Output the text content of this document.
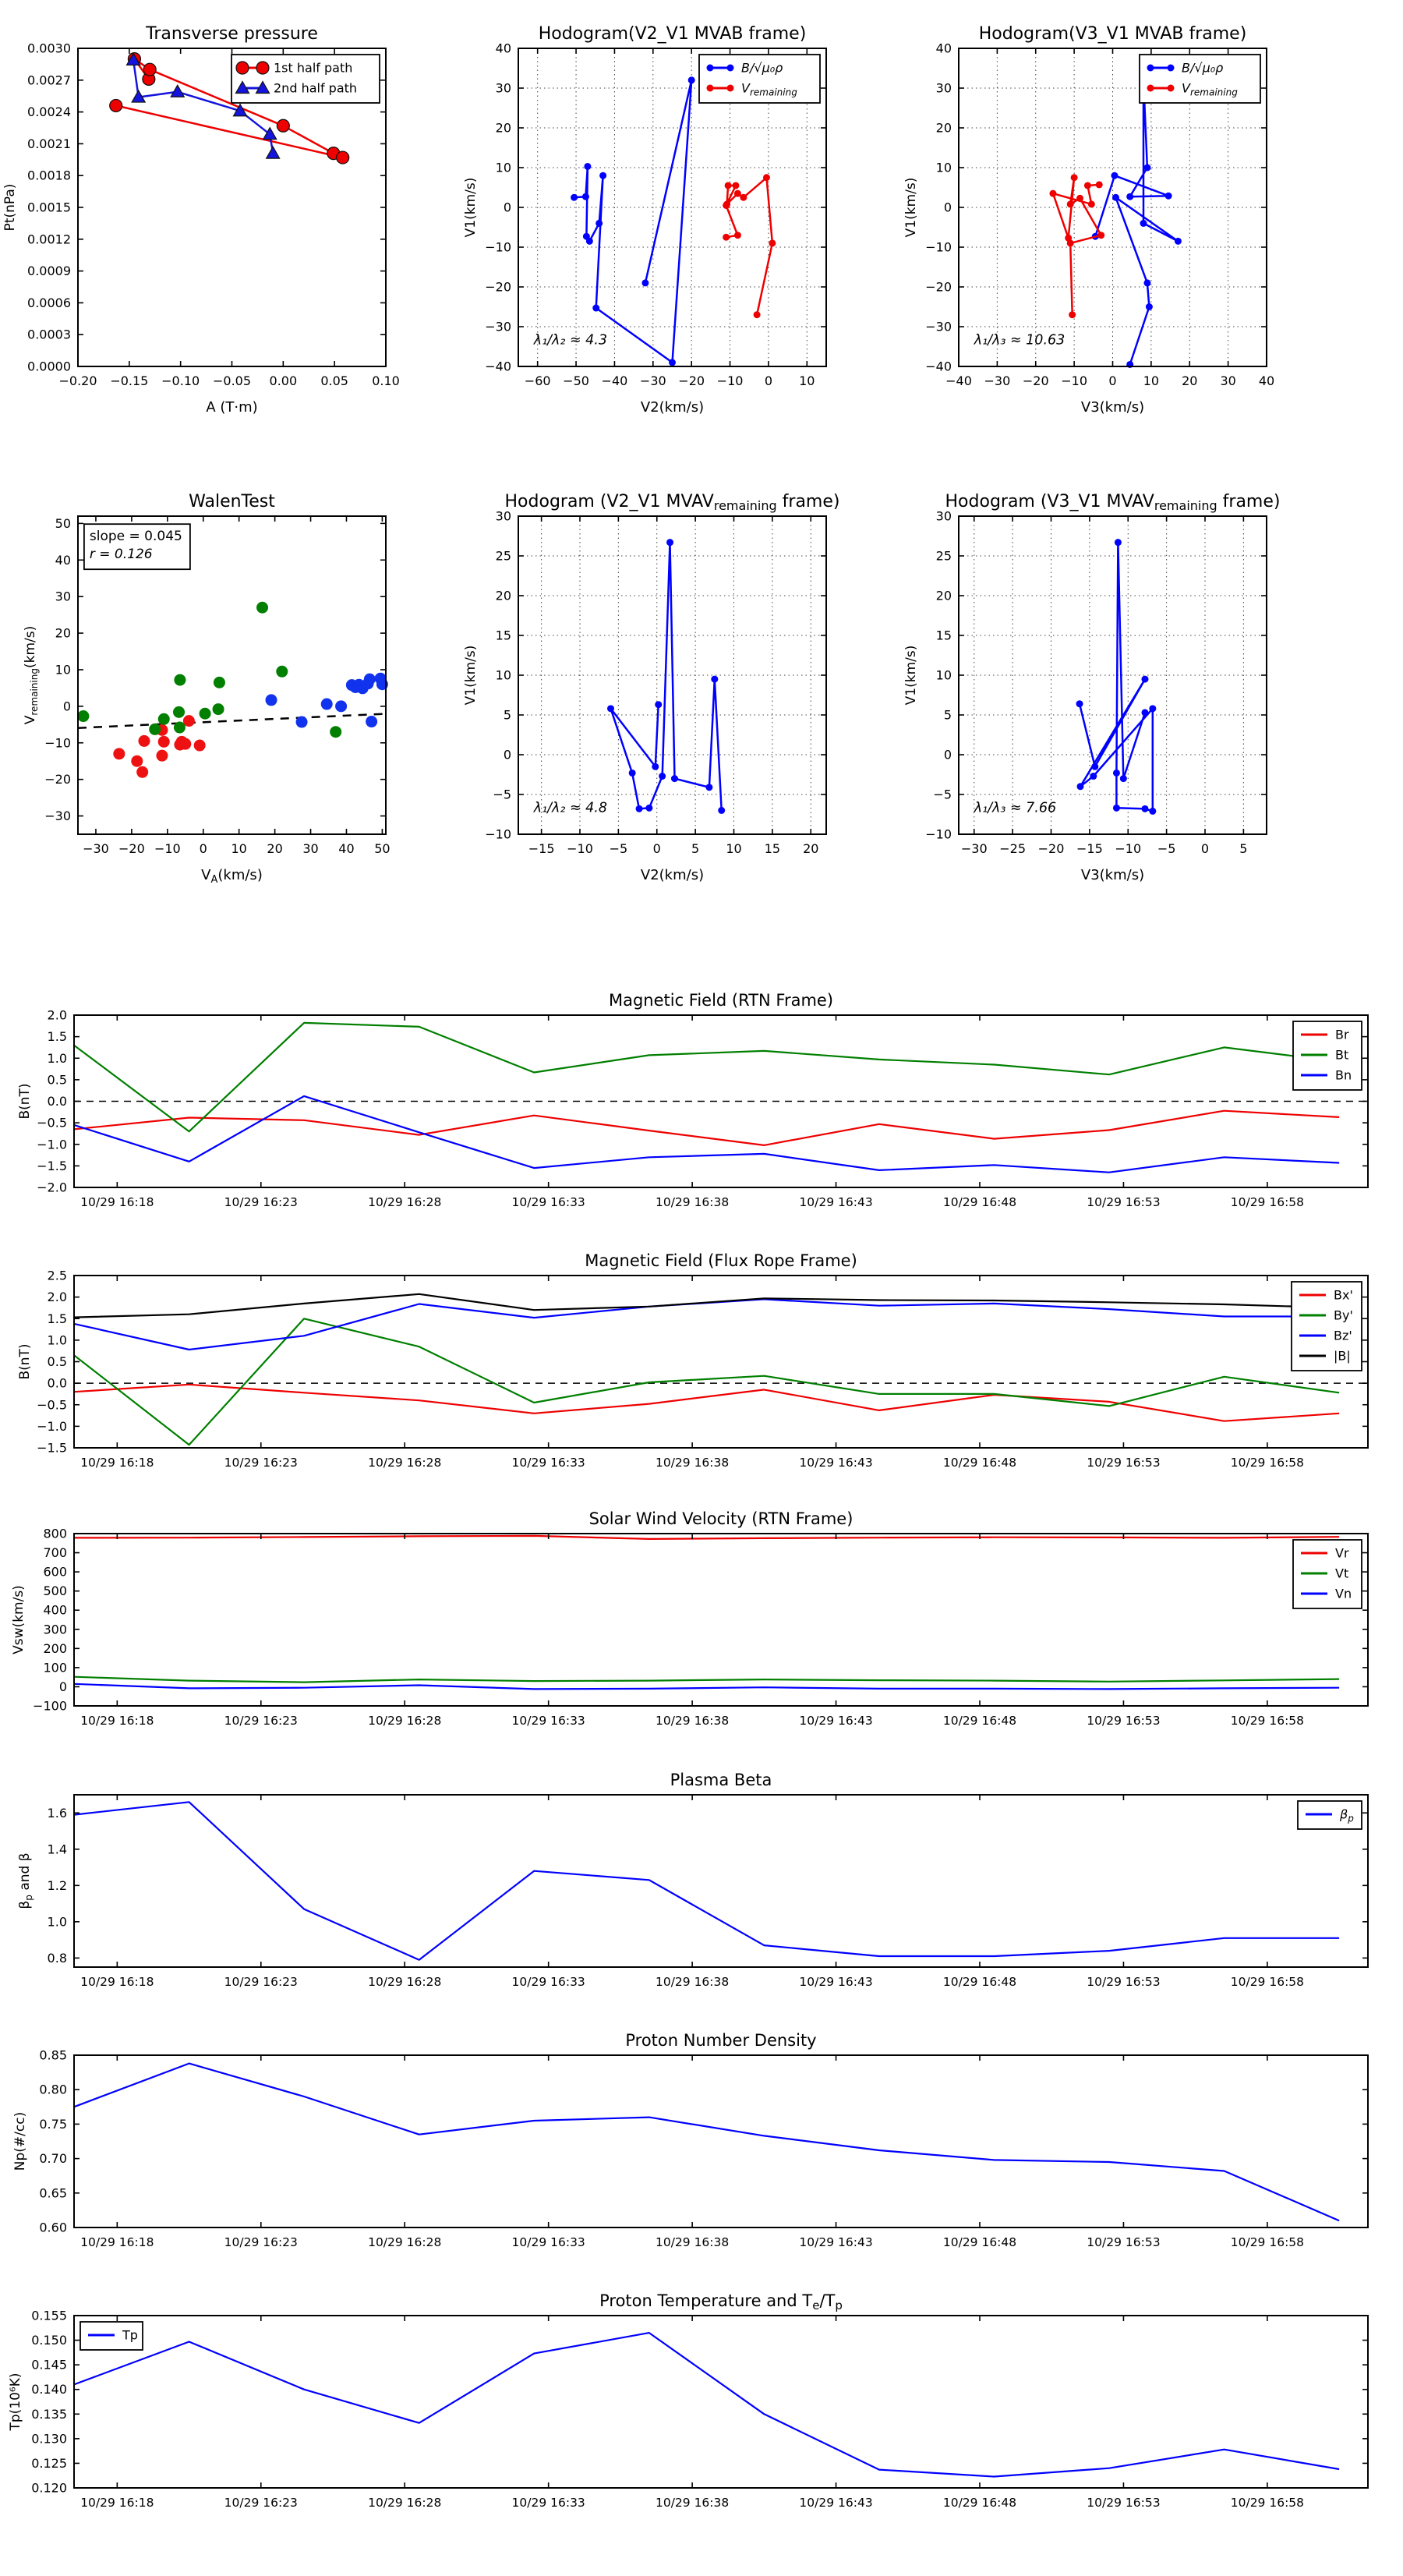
−0.20 −0.15 −0.10 −0.05 0.00 0.05 0.10
0.0000
0.0003
0.0006
0.0009
0.0012
0.0015
0.0018
0.0021
0.0024
0.0027
0.0030
Transverse pressure
A (T·m)
Pt(nPa)
1st half path
2nd half path
−60 −50 −40 −30 −20 −10 0 10
−40
−30
−20
−10
0
10
20
30
40
Hodogram(V2_V1 MVAB frame)
V2(km/s)
V1(km/s)
B/√μ₀ρ
$V_{remaining}$
λ₁/λ₂ ≈ 4.3
−40 −30 −20 −10 0 10 20 30 40
−40
−30
−20
−10
0
10
20
30
40
Hodogram(V3_V1 MVAB frame)
V3(km/s)
V1(km/s)
B/√μ₀ρ
$V_{remaining}$
λ₁/λ₃ ≈ 10.63
−30 −20 −10 0 10 20 30 40 50
−30
−20
−10
0
10
20
30
40
50
WalenTest
$V_A(km/s)$
$V_{remaining}(km/s)$
slope = 0.045
r = 0.126
−15 −10 −5 0 5 10 15 20
−10
−5
0
5
10
15
20
25
30
Hodogram (V2_V1 MVAVremaining frame)
V2(km/s)
V1(km/s)
λ₁/λ₂ ≈ 4.8
−30 −25 −20 −15 −10 −5 0 5
−10
−5
0
5
10
15
20
25
30
Hodogram (V3_V1 MVAVremaining frame)
V3(km/s)
V1(km/s)
λ₁/λ₃ ≈ 7.66
10/29 16:18	10/29 16:23	10/29 16:28	10/29 16:33	10/29 16:38	10/29 16:43	10/29 16:48	10/29 16:53	10/29 16:58
−2.0
−1.5
−1.0
−0.5
0.0
0.5
1.0
1.5
2.0
Magnetic Field (RTN Frame)
B(nT)
Br
Bt
Bn
10/29 16:18	10/29 16:23	10/29 16:28	10/29 16:33	10/29 16:38	10/29 16:43	10/29 16:48	10/29 16:53	10/29 16:58
−1.5
−1.0
−0.5
0.0
0.5
1.0
1.5
2.0
2.5
Magnetic Field (Flux Rope Frame)
B(nT)
Bx'
By'
Bz'
|B|
10/29 16:18	10/29 16:23	10/29 16:28	10/29 16:33	10/29 16:38	10/29 16:43	10/29 16:48	10/29 16:53	10/29 16:58
−100
0
100
200
300
400
500
600
700
800
Solar Wind Velocity (RTN Frame)
Vsw(km/s)
Vr
Vt
Vn
10/29 16:18	10/29 16:23	10/29 16:28	10/29 16:33	10/29 16:38	10/29 16:43	10/29 16:48	10/29 16:53	10/29 16:58
0.8
1.0
1.2
1.4
1.6
Plasma Beta
$\beta_p$ and β
$\beta_p$
10/29 16:18	10/29 16:23	10/29 16:28	10/29 16:33	10/29 16:38	10/29 16:43	10/29 16:48	10/29 16:53	10/29 16:58
0.60
0.65
0.70
0.75
0.80
0.85
Proton Number Density
Np(#/cc)
10/29 16:18	10/29 16:23	10/29 16:28	10/29 16:33	10/29 16:38	10/29 16:43	10/29 16:48	10/29 16:53	10/29 16:58
0.120
0.125
0.130
0.135
0.140
0.145
0.150
0.155
Proton Temperature and Te/Tp
Tp(10⁶K)
Tp
